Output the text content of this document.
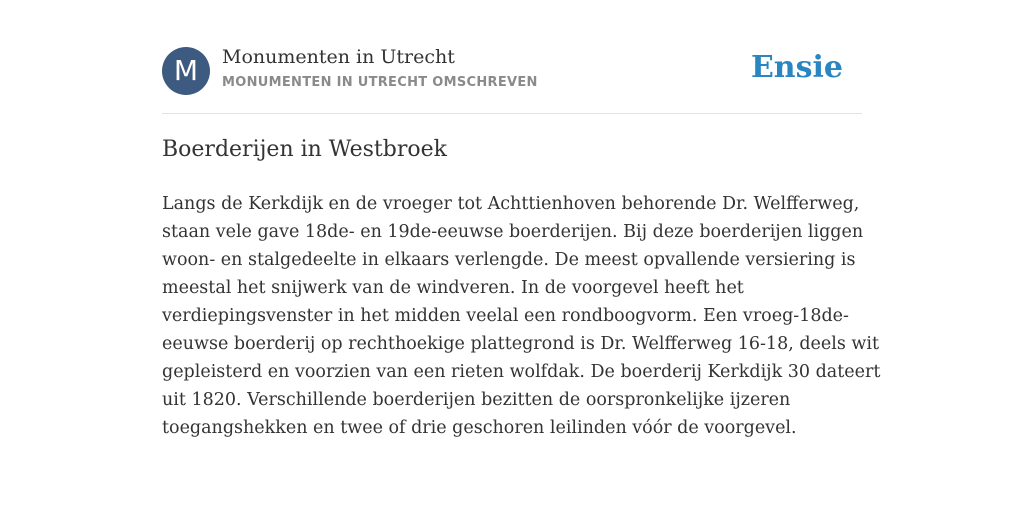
M	Monumenten in Utrecht
MONUMENTEN IN UTRECHT OMSCHREVEN	Ensie
Boerderijen in Westbroek

Langs de Kerkdijk en de vroeger tot Achttienhoven behorende Dr. Welfferweg,
staan vele gave 18de- en 19de-eeuwse boerderijen. Bij deze boerderijen liggen
woon- en stalgedeelte in elkaars verlengde. De meest opvallende versiering is
meestal het snijwerk van de windveren. In de voorgevel heeft het
verdiepingsvenster in het midden veelal een rondboogvorm. Een vroeg-18de-
eeuwse boerderij op rechthoekige plattegrond is Dr. Welfferweg 16-18, deels wit
gepleisterd en voorzien van een rieten wolfdak. De boerderij Kerkdijk 30 dateert
uit 1820. Verschillende boerderijen bezitten de oorspronkelijke ijzeren
toegangshekken en twee of drie geschoren leilinden vóór de voorgevel.
